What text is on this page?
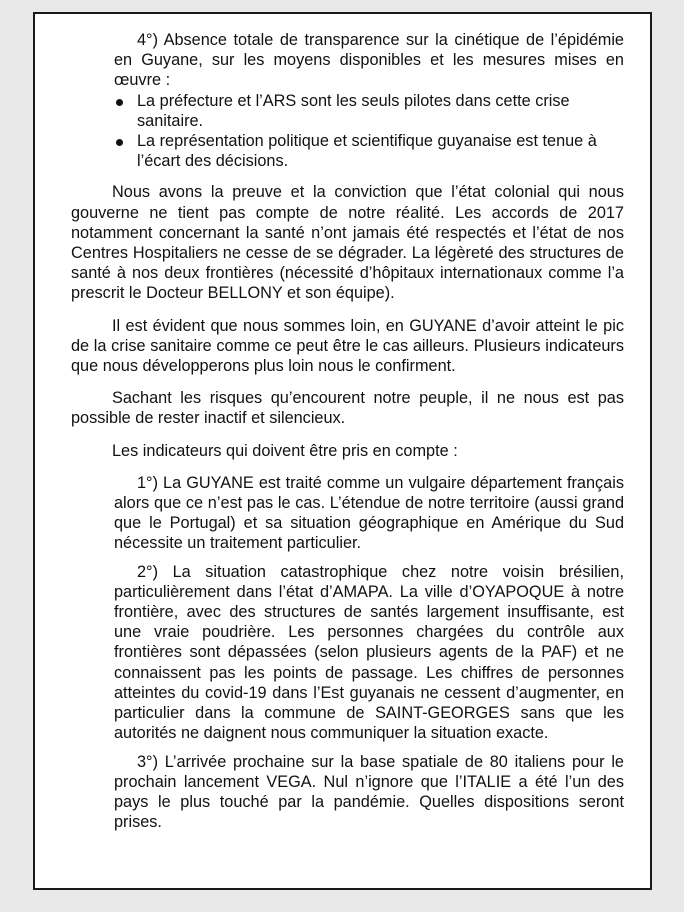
4°) Absence totale de transparence sur la cinétique de l’épidémie en Guyane, sur les moyens disponibles et les mesures mises en œuvre :

La préfecture et l’ARS sont les seuls pilotes dans cette crise sanitaire.
La représentation politique et scientifique guyanaise est tenue à l’écart des décisions.

Nous avons la preuve et la conviction que l’état colonial qui nous gouverne ne tient pas compte de notre réalité. Les accords de 2017 notamment concernant la santé n’ont jamais été respectés et l’état de nos Centres Hospitaliers ne cesse de se dégrader. La légèreté des structures de santé à nos deux frontières (nécessité d’hôpitaux internationaux comme l’a prescrit le Docteur BELLONY et son équipe).

Il est évident que nous sommes loin, en GUYANE d’avoir atteint le pic de la crise sanitaire comme ce peut être le cas ailleurs. Plusieurs indicateurs que nous développerons plus loin nous le confirment.

Sachant les risques qu’encourent notre peuple, il ne nous est pas possible de rester inactif et silencieux.

Les indicateurs qui doivent être pris en compte :

1°) La GUYANE est traité comme un vulgaire département français alors que ce n’est pas le cas. L’étendue de notre territoire (aussi grand que le Portugal) et sa situation géographique en Amérique du Sud nécessite un traitement particulier.

2°) La situation catastrophique chez notre voisin brésilien, particulièrement dans l’état d’AMAPA. La ville d’OYAPOQUE à notre frontière, avec des structures de santés largement insuffisante, est une vraie poudrière. Les personnes chargées du contrôle aux frontières sont dépassées (selon plusieurs agents de la PAF) et ne connaissent pas les points de passage. Les chiffres de personnes atteintes du covid-19 dans l’Est guyanais ne cessent d’augmenter, en particulier dans la commune de SAINT-GEORGES sans que les autorités ne daignent nous communiquer la situation exacte.

3°) L’arrivée prochaine sur la base spatiale de 80 italiens pour le prochain lancement VEGA. Nul n’ignore que l’ITALIE a été l’un des pays le plus touché par la pandémie. Quelles dispositions seront prises.
